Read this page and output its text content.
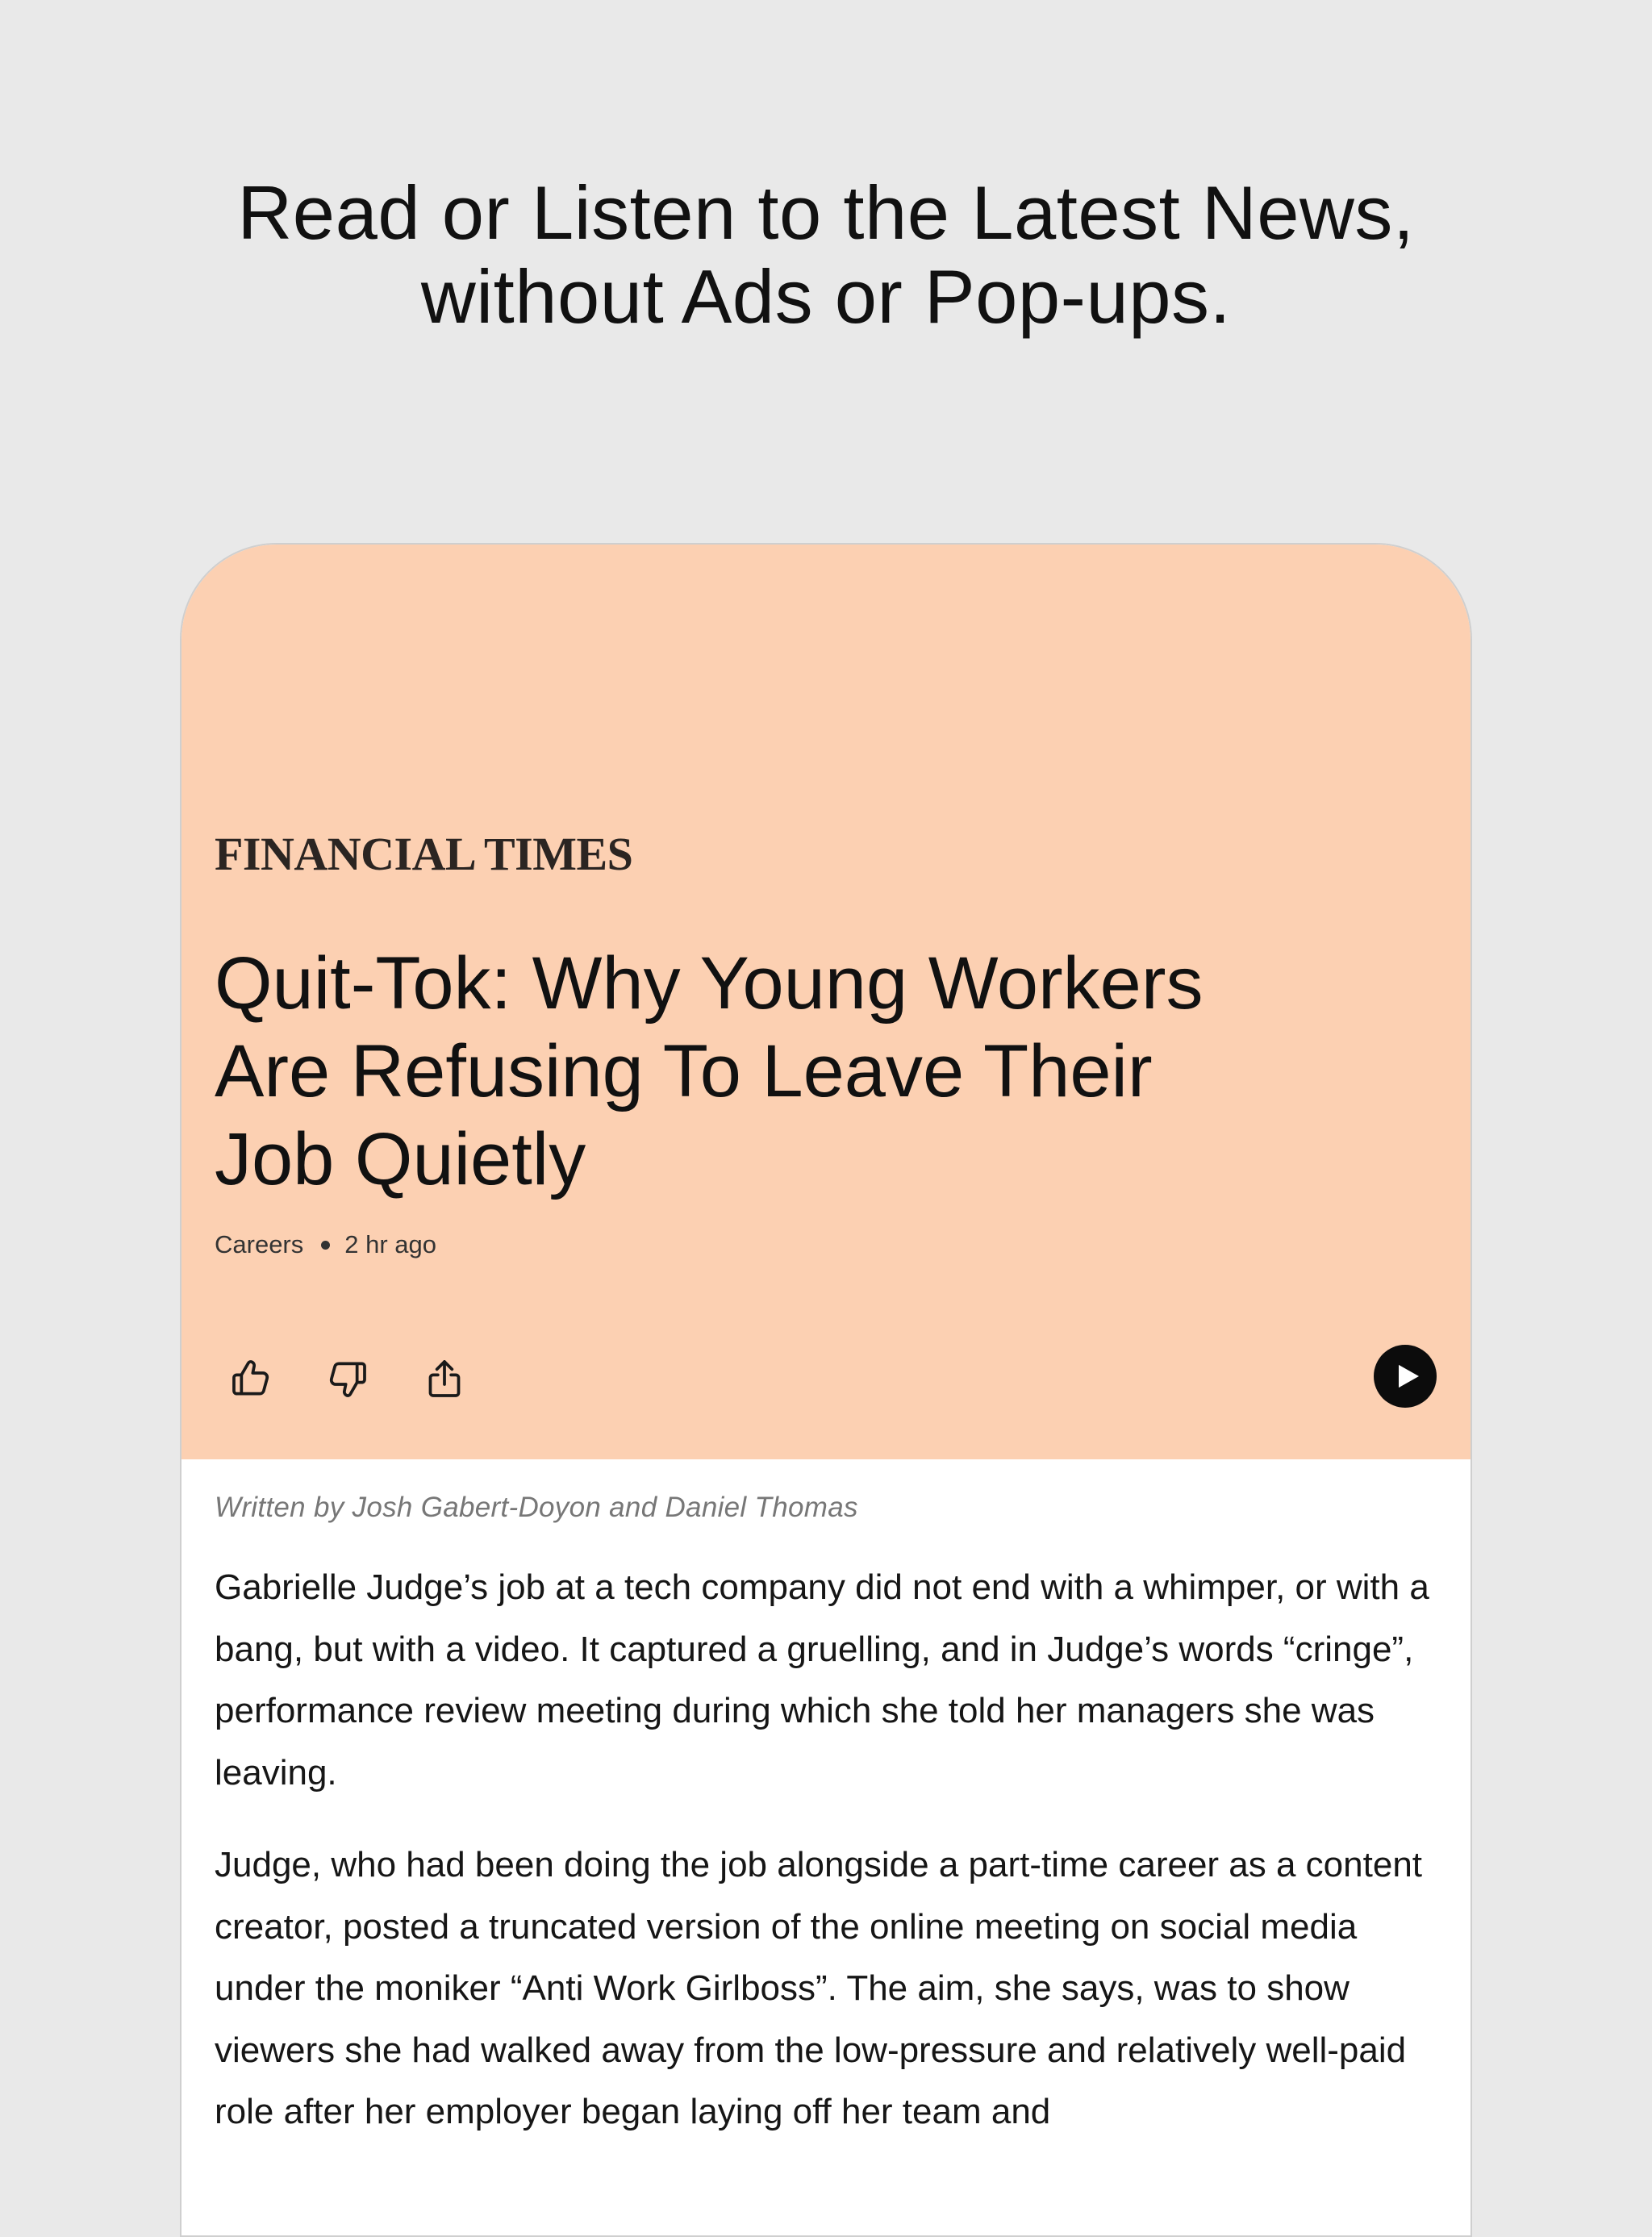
Read or Listen to the Latest News,
without Ads or Pop-ups.
FINANCIAL TIMES
Quit-Tok: Why Young Workers
Are Refusing To Leave Their
Job Quietly
Careers 2 hr ago
Written by Josh Gabert-Doyon and Daniel Thomas

Gabrielle Judge’s job at a tech company did not end with a whimper, or with a bang, but with a video. It captured a gruelling, and in Judge’s words “cringe”, performance review meeting during which she told her managers she was leaving.

Judge, who had been doing the job alongside a part-time career as a content creator, posted a truncated version of the online meeting on social media under the moniker “Anti Work Girlboss”. The aim, she says, was to show viewers she had walked away from the low-pressure and relatively well-paid role after her employer began laying off her team and
